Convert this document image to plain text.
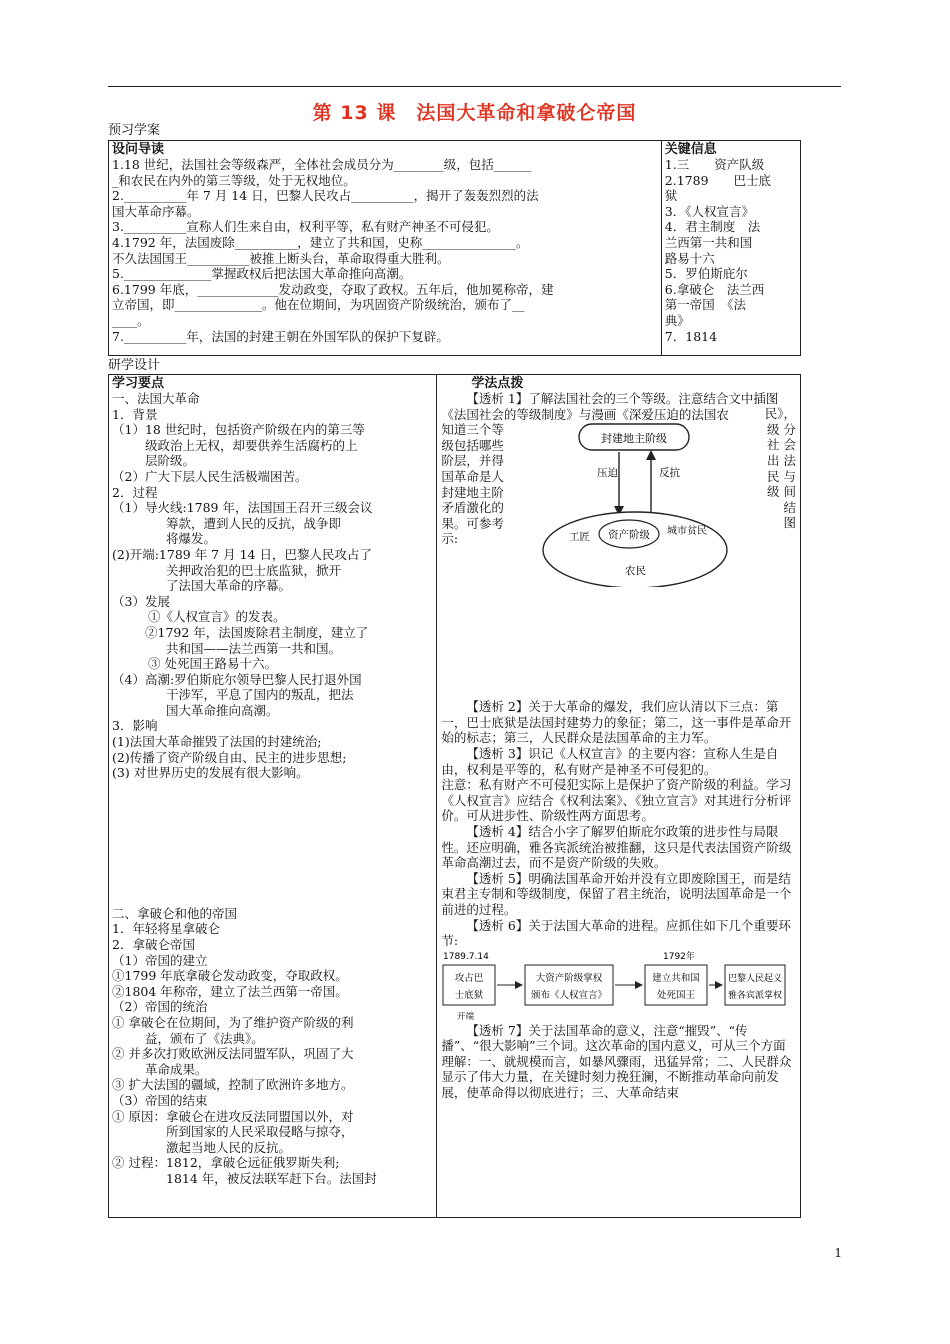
第 13 课　法国大革命和拿破仑帝国
预习学案
设问导读
1.18 世纪，法国社会等级森严，全体社会成员分为________级，包括______
_和农民在内外的第三等级，处于无权地位。
2.__________年 7 月 14 日，巴黎人民攻占__________，揭开了轰轰烈烈的法
国大革命序幕。
3.__________宣称人们生来自由，权利平等，私有财产神圣不可侵犯。
4.1792 年，法国废除__________，建立了共和国，史称_______________。
不久法国国王__________被推上断头台，革命取得重大胜利。
5.______________掌握政权后把法国大革命推向高潮。
6.1799 年底，_____________发动政变，夺取了政权。五年后，他加冕称帝，建
立帝国，即______________。他在位期间，为巩固资产阶级统治，颁布了__
____。
7.__________年，法国的封建王朝在外国军队的保护下复辟。

关键信息
1.三　　资产队级
2.1789　　巴士底
狱
3．《人权宣言》
4．君主制度　法
兰西第一共和国
路易十六
5．罗伯斯庇尔
6.拿破仑　法兰西
第一帝国　《法
典》
7．1814
研学设计
学习要点
一、法国大革命
1．背景
（1）18 世纪时，包括资产阶级在内的第三等
级政治上无权，却要供养生活腐朽的上
层阶级。
（2）广大下层人民生活极端困苦。
2．过程
（1）导火线:1789 年，法国国王召开三级会议
筹款，遭到人民的反抗，战争即
将爆发。
(2)开端:1789 年 7 月 14 日，巴黎人民攻占了
关押政治犯的巴士底监狱，掀开
了法国大革命的序幕。
（3）发展
①《人权宣言》的发表。
②1792 年，法国废除君主制度，建立了
共和国——法兰西第一共和国。
③ 处死国王路易十六。
（4）高潮:罗伯斯庇尔领导巴黎人民打退外国
干涉军，平息了国内的叛乱，把法
国大革命推向高潮。
3．影响
(1)法国大革命摧毁了法国的封建统治;
(2)传播了资产阶级自由、民主的进步思想;
(3) 对世界历史的发展有很大影响。
二、拿破仑和他的帝国
1．年轻将星拿破仑
2．拿破仑帝国
（1）帝国的建立
①1799 年底拿破仑发动政变，夺取政权。
②1804 年称帝，建立了法兰西第一帝国。
（2）帝国的统治
① 拿破仑在位期间，为了维护资产阶级的利
益，颁布了《法典》。
② 并多次打败欧洲反法同盟军队，巩固了大
革命成果。
③ 扩大法国的疆域，控制了欧洲许多地方。
（3）帝国的结束
① 原因：拿破仑在进攻反法同盟国以外，对
所到国家的人民采取侵略与掠夺，
激起当地人民的反抗。
② 过程：1812，拿破仑远征俄罗斯失利;
1814 年，被反法联军赶下台。法国封

学法点拨

【透析 1】了解法国社会的三个等级。注意结合文中插图《法国社会的等级制度》与漫画《深爱压迫的法国农

知道三个等
级包括哪些
阶层，并得
国革命是人
封建地主阶
矛盾激化的
果。可参考
示:
民》，
级 分
社 会
出 法
民 与
级 间
结
图
封建地主阶级
压迫	反抗
资产阶级
工匠	城市贫民
农民

【透析 2】关于大革命的爆发，我们应认清以下三点：第一，巴士底狱是法国封建势力的象征；第二，这一事件是革命开始的标志；第三，人民群众是法国革命的主力军。

【透析 3】识记《人权宣言》的主要内容：宣称人生是自由，权利是平等的，私有财产是神圣不可侵犯的。

注意：私有财产不可侵犯实际上是保护了资产阶级的利益。学习《人权宣言》应结合《权利法案》、《独立宣言》对其进行分析评价。可从进步性、阶级性两方面思考。

【透析 4】结合小字了解罗伯斯庇尔政策的进步性与局限性。还应明确，雅各宾派统治被推翻，这只是代表法国资产阶级革命高潮过去，而不是资产阶级的失败。

【透析 5】明确法国革命开始并没有立即废除国王，而是结束君主专制和等级制度，保留了君主统治，说明法国革命是一个前进的过程。

【透析 6】关于法国大革命的进程。应抓住如下几个重要环节:

1789.7.14	1792年
攻占巴
士底狱
开端
大资产阶级掌权
颁布《人权宣言》
建立共和国
处死国王
巴黎人民起义
雅各宾派掌权

【透析 7】关于法国革命的意义，注意“摧毁”、“传播”、“很大影响”三个词。这次革命的国内意义，可从三个方面理解：一、就规模而言，如暴风骤雨，迅猛异常；二、人民群众显示了伟大力量，在关键时刻力挽狂澜，不断推动革命向前发展，使革命得以彻底进行；三、大革命结束

1
